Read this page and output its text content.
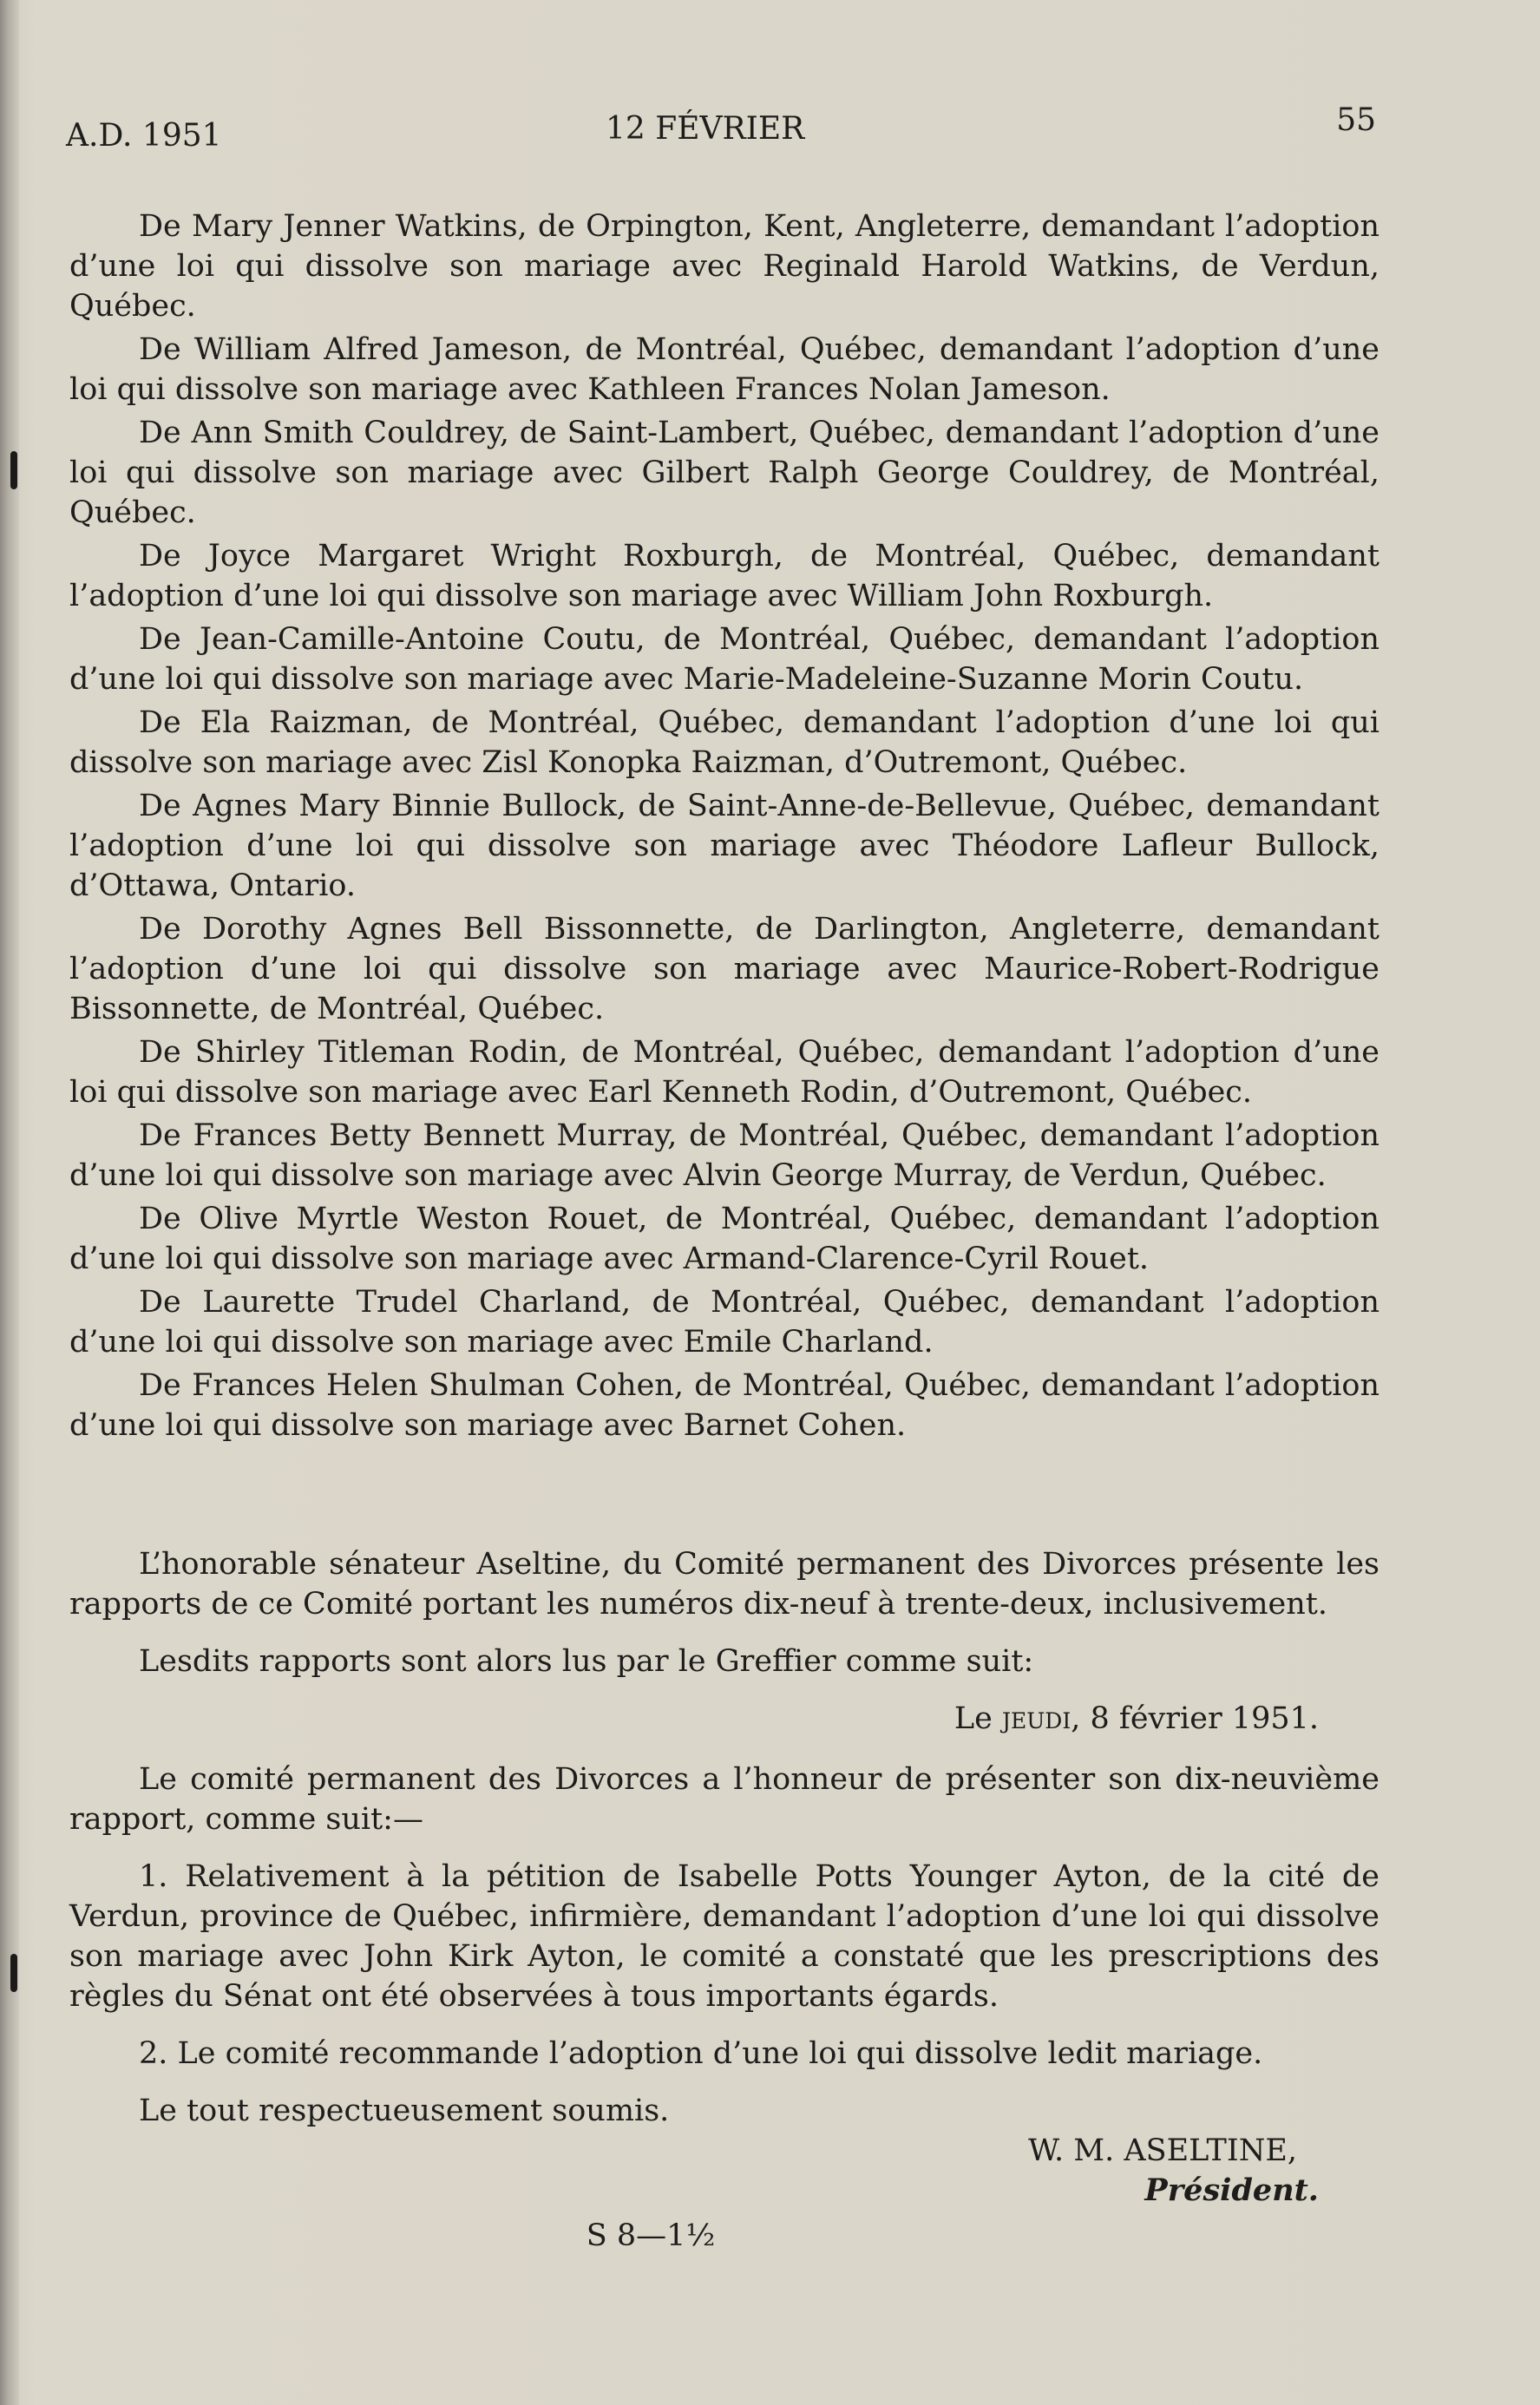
A.D. 1951	12 FÉVRIER	55

De Mary Jenner Watkins, de Orpington, Kent, Angleterre, demandant l’adoption d’une loi qui dissolve son mariage avec Reginald Harold Watkins, de Verdun, Québec.

De William Alfred Jameson, de Montréal, Québec, demandant l’adoption d’une loi qui dissolve son mariage avec Kathleen Frances Nolan Jameson.

De Ann Smith Couldrey, de Saint-Lambert, Québec, demandant l’adoption d’une loi qui dissolve son mariage avec Gilbert Ralph George Couldrey, de Montréal, Québec.

De Joyce Margaret Wright Roxburgh, de Montréal, Québec, demandant l’adoption d’une loi qui dissolve son mariage avec William John Roxburgh.

De Jean-Camille-Antoine Coutu, de Montréal, Québec, demandant l’adoption d’une loi qui dissolve son mariage avec Marie-Madeleine-Suzanne Morin Coutu.

De Ela Raizman, de Montréal, Québec, demandant l’adoption d’une loi qui dissolve son mariage avec Zisl Konopka Raizman, d’Outremont, Québec.

De Agnes Mary Binnie Bullock, de Saint-Anne-de-Bellevue, Québec, demandant l’adoption d’une loi qui dissolve son mariage avec Théodore Lafleur Bullock, d’Ottawa, Ontario.

De Dorothy Agnes Bell Bissonnette, de Darlington, Angleterre, demandant l’adoption d’une loi qui dissolve son mariage avec Maurice-Robert-Rodrigue Bissonnette, de Montréal, Québec.

De Shirley Titleman Rodin, de Montréal, Québec, demandant l’adoption d’une loi qui dissolve son mariage avec Earl Kenneth Rodin, d’Outremont, Québec.

De Frances Betty Bennett Murray, de Montréal, Québec, demandant l’adoption d’une loi qui dissolve son mariage avec Alvin George Murray, de Verdun, Québec.

De Olive Myrtle Weston Rouet, de Montréal, Québec, demandant l’adoption d’une loi qui dissolve son mariage avec Armand-Clarence-Cyril Rouet.

De Laurette Trudel Charland, de Montréal, Québec, demandant l’adoption d’une loi qui dissolve son mariage avec Emile Charland.

De Frances Helen Shulman Cohen, de Montréal, Québec, demandant l’adoption d’une loi qui dissolve son mariage avec Barnet Cohen.

L’honorable sénateur Aseltine, du Comité permanent des Divorces présente les rapports de ce Comité portant les numéros dix-neuf à trente-deux, inclusivement.

Lesdits rapports sont alors lus par le Greffier comme suit:

Le jeudi, 8 février 1951.

Le comité permanent des Divorces a l’honneur de présenter son dix-neuvième rapport, comme suit:—

1. Relativement à la pétition de Isabelle Potts Younger Ayton, de la cité de Verdun, province de Québec, infirmière, demandant l’adoption d’une loi qui dissolve son mariage avec John Kirk Ayton, le comité a constaté que les prescriptions des règles du Sénat ont été observées à tous importants égards.

2. Le comité recommande l’adoption d’une loi qui dissolve ledit mariage.

Le tout respectueusement soumis.

W. M. ASELTINE,
Président.
S 8—1½
